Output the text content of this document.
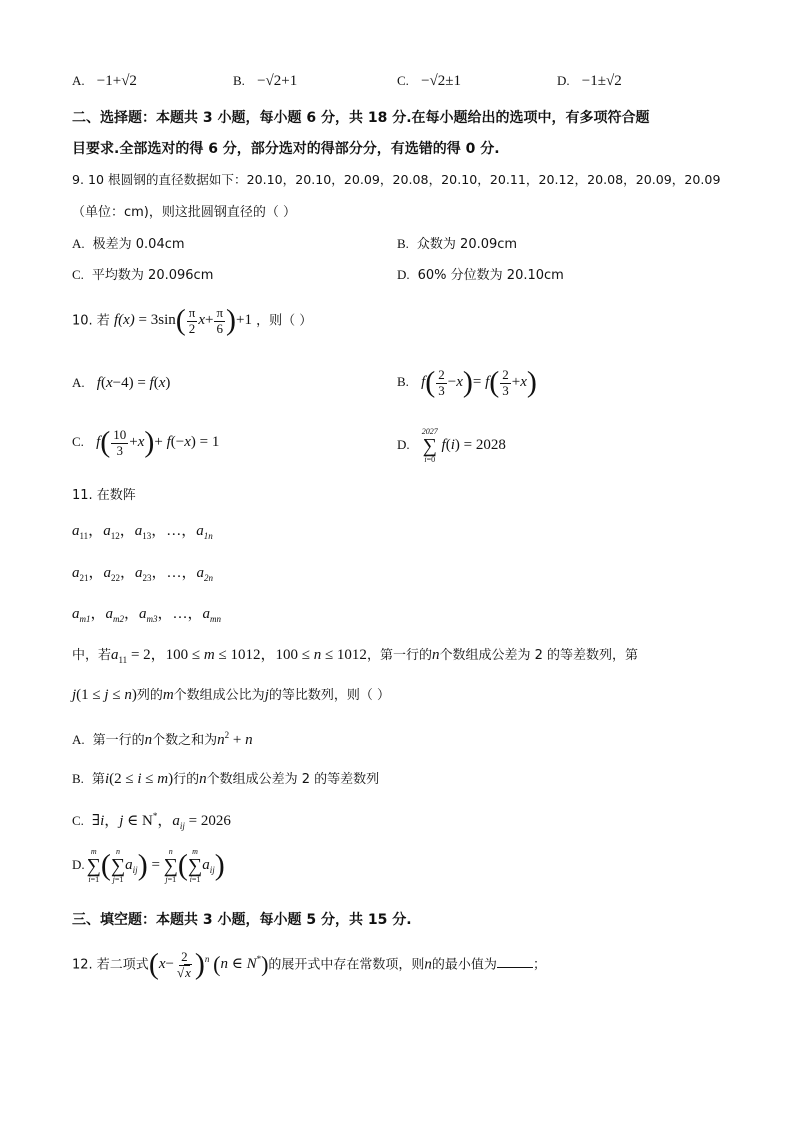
A. −1+√2	B. −√2+1	C. −√2±1	D. −1±√2
二、选择题：本题共 3 小题，每小题 6 分，共 18 分.在每小题给出的选项中，有多项符合题
目要求.全部选对的得 6 分，部分选对的得部分分，有选错的得 0 分.
9. 10 根圆钢的直径数据如下：20.10，20.10，20.09，20.08，20.10，20.11，20.12，20.08，20.09，20.09
（单位：cm)，则这批圆钢直径的（ ）
A. 极差为 0.04cm	B. 众数为 20.09cm
C. 平均数为 20.096cm	D. 60% 分位数为 20.10cm
10. 若 $f(x) = 3\sin( \frac{\pi}{2} x+ \frac{\pi}{6} )+1$ ，则（ ）
A. f(x−4) = f(x)	B. $f( \frac{2}{3} -x)= f( \frac{2}{3} +x)$
C. $f( \frac{10}{3} +x)+ f(-x) = 1$	D.
2027
∑
i=0
f(i) = 2028
11. 在数阵
$a_{11}$，$a_{12}$，$a_{13}$，…，$a_{1n}$
$a_{21}$，$a_{22}$，$a_{23}$，…，$a_{2n}$
$a_{m1}$，$a_{m2}$，$a_{m3}$，…，$a_{mn}$
中，若$a_{11} = 2$，100 ≤ m ≤ 1012，100 ≤ n ≤ 1012，第一行的n个数组成公差为 2 的等差数列，第
j(1 ≤ j ≤ n)列的m个数组成公比为j的等比数列，则（ ）
A. 第一行的n个数之和为$n^2 + n$
B. 第i(2 ≤ i ≤ m)行的n个数组成公差为 2 的等差数列
C. ∃i，j ∈ N*，$a_{ij} = 2026$
D.
m
∑
i=1 ( n
∑
j=1
$a_{ij}$) =
n
∑
j=1 ( m
∑
i=1
$a_{ij}$)
三、填空题：本题共 3 小题，每小题 5 分，共 15 分.
12. 若二项式$(x- \frac{2}{√x} )^n$ (n ∈ N*)的展开式中存在常数项，则n的最小值为	；
